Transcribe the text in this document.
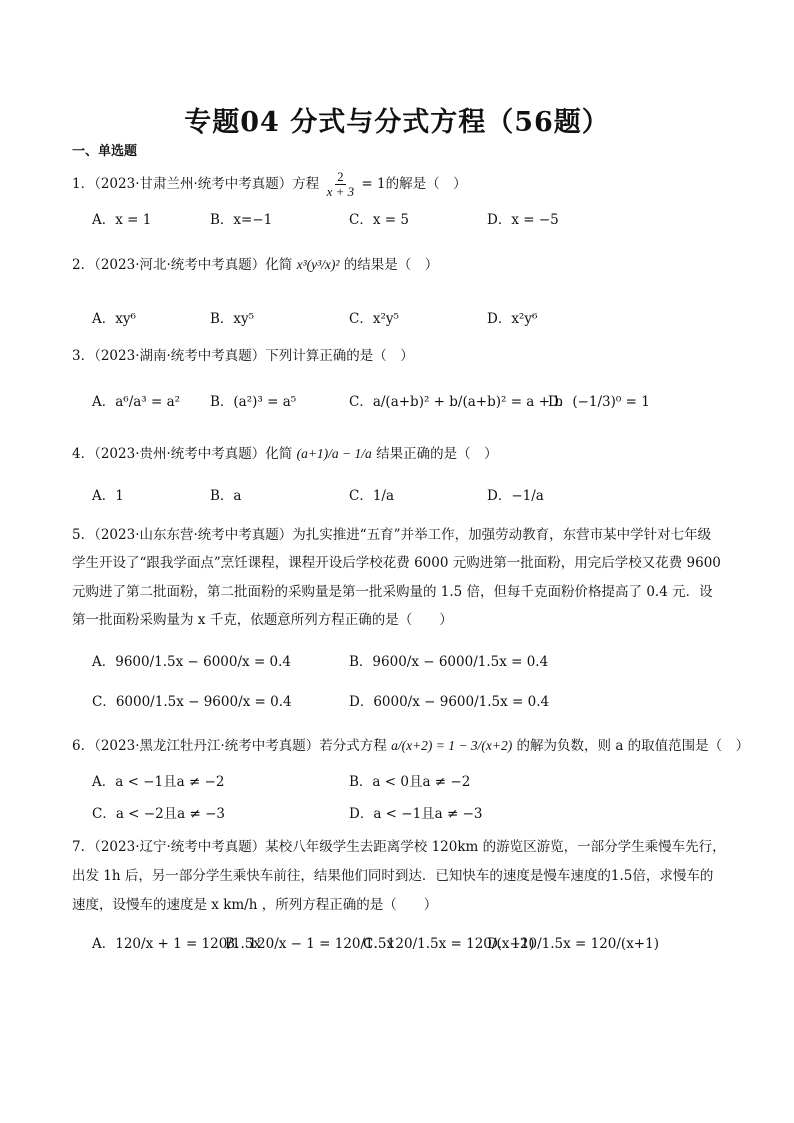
专题04 分式与分式方程（56题）
一、单选题
1．（2023·甘肃兰州·统考中考真题）方程 $\frac{2}{x + 3} = 1$的解是（　）
A．x = 1	B．x=−1	C．x = 5	D．x = −5
2．（2023·河北·统考中考真题）化简 x³(y³/x)² 的结果是（　）
A．xy⁶	B．xy⁵	C．x²y⁵	D．x²y⁶
3．（2023·湖南·统考中考真题）下列计算正确的是（　）
A．a⁶/a³ = a² B．(a²)³ = a⁵	C．a/(a+b)² + b/(a+b)² = a + b
D．(−1/3)⁰ = 1
4．（2023·贵州·统考中考真题）化简 (a+1)/a − 1/a 结果正确的是（　）
A．1	B．a	C．1/a	D．−1/a
5．（2023·山东东营·统考中考真题）为扎实推进“五育”并举工作，加强劳动教育，东营市某中学针对七年级
学生开设了“跟我学面点”烹饪课程，课程开设后学校花费 6000 元购进第一批面粉，用完后学校又花费 9600
元购进了第二批面粉，第二批面粉的采购量是第一批采购量的 1.5 倍，但每千克面粉价格提高了 0.4 元．设
第一批面粉采购量为 x 千克，依题意所列方程正确的是（　　）
A．9600/1.5x − 6000/x = 0.4	B．9600/x − 6000/1.5x = 0.4
C．6000/1.5x − 9600/x = 0.4	D．6000/x − 9600/1.5x = 0.4
6．（2023·黑龙江牡丹江·统考中考真题）若分式方程 a/(x+2) = 1 − 3/(x+2) 的解为负数，则 a 的取值范围是（　）
A．a < −1且a ≠ −2	B．a < 0且a ≠ −2
C．a < −2且a ≠ −3	D．a < −1且a ≠ −3
7．（2023·辽宁·统考中考真题）某校八年级学生去距离学校 120km 的游览区游览，一部分学生乘慢车先行，
出发 1h 后，另一部分学生乘快车前往，结果他们同时到达．已知快车的速度是慢车速度的1.5倍，求慢车的
速度，设慢车的速度是 x km/h ，所列方程正确的是（　　）
A．120/x + 1 = 120/1.5x
B．120/x − 1 = 120/1.5x
C．120/1.5x = 120/(x−1)
D．120/1.5x = 120/(x+1)
